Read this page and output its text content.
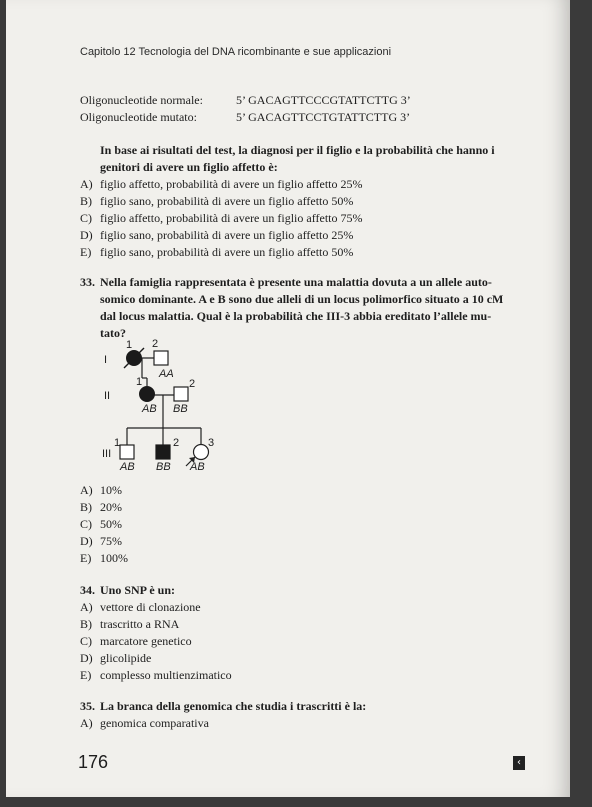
Capitolo 12 Tecnologia del DNA ricombinante e sue applicazioni
Oligonucleotide normale:	5’ GACAGTTCCCGTATTCTTG 3’
Oligonucleotide mutato:	5’ GACAGTTCCTGTATTCTTG 3’
In base ai risultati del test, la diagnosi per il figlio e la probabilità che hanno i
genitori di avere un figlio affetto è:
A) figlio affetto, probabilità di avere un figlio affetto 25%
B) figlio sano, probabilità di avere un figlio affetto 50%
C) figlio affetto, probabilità di avere un figlio affetto 75%
D) figlio sano, probabilità di avere un figlio affetto 25%
E) figlio sano, probabilità di avere un figlio affetto 50%
33. Nella famiglia rappresentata è presente una malattia dovuta a un allele auto-
somico dominante. A e B sono due alleli di un locus polimorfico situato a 10 cM
dal locus malattia. Qual è la probabilità che III-3 abbia ereditato l’allele mu-
tato?
I
II
III
1 2
AA
1	2
AB BB
1	2	3
AB BB AB
A) 10%
B) 20%
C) 50%
D) 75%
E) 100%
34. Uno SNP è un:
A) vettore di clonazione
B) trascritto a RNA
C) marcatore genetico
D) glicolipide
E) complesso multienzimatico
35. La branca della genomica che studia i trascritti è la:
A) genomica comparativa
176	‹
